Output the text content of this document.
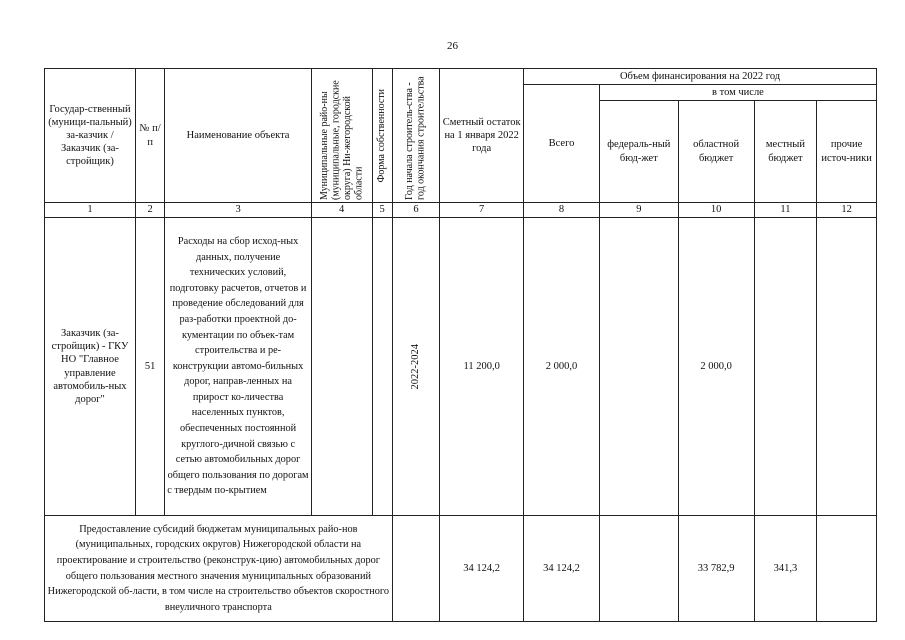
26
Государ-ственный (муници-пальный) за-казчик / Заказчик (за-стройщик)	№ п/п	Наименование объекта	Муниципальные райо-ны (муниципальные, городские округа) Ни-жегородской области	Форма собственности	Год начала строитель-ства - год окончания строительства	Сметный остаток на 1 января 2022 года	Объем финансирования на 2022 год				
							Всего	в том числе			
								федераль-ный бюд-жет	областной бюджет	местный бюджет	прочие источ-ники
1	2	3	4	5	6	7	8	9	10	11	12
Заказчик (за-стройщик) - ГКУ НО "Главное управление автомобиль-ных дорог"	51	Расходы на сбор исход-ных данных, получение технических условий, подготовку расчетов, отчетов и проведение обследований для раз-работки проектной до-кументации по объек-там строительства и ре-конструкции автомо-бильных дорог, направ-ленных на прирост ко-личества населенных пунктов, обеспеченных постоянной круглого-дичной связью с сетью автомобильных дорог общего пользования по дорогам с твердым по-крытием			2022-2024	11 200,0	2 000,0		2 000,0		
Предоставление субсидий бюджетам муниципальных райо-нов (муниципальных, городских округов) Нижегородской области на проектирование и строительство (реконструк-цию) автомобильных дорог общего пользования местного значения муниципальных образований Нижегородской об-ласти, в том числе на строительство объектов скоростного внеуличного транспорта						34 124,2	34 124,2		33 782,9	341,3	
